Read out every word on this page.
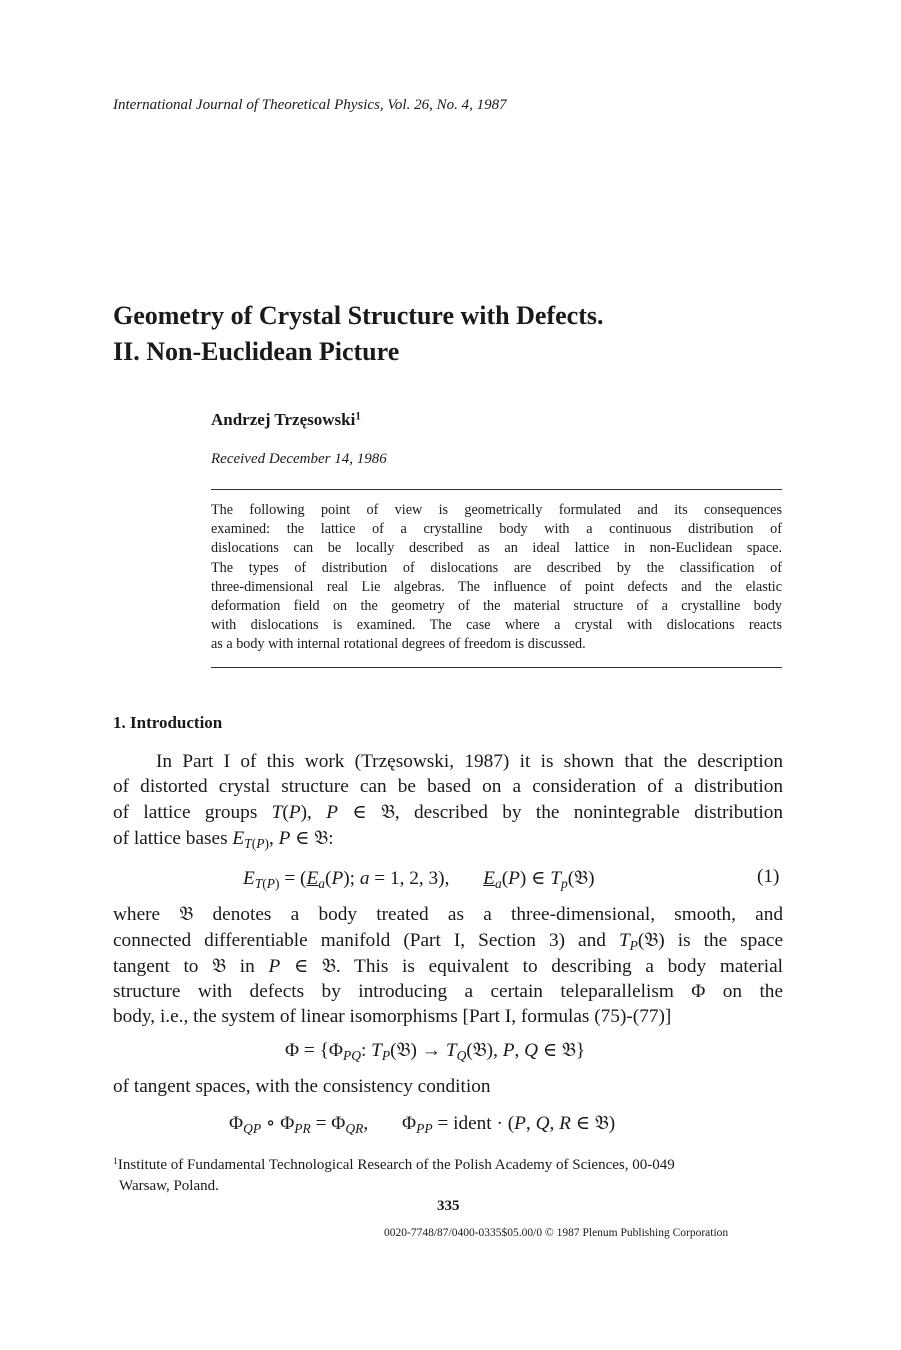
International Journal of Theoretical Physics, Vol. 26, No. 4, 1987
Geometry of Crystal Structure with Defects.
II. Non-Euclidean Picture
Andrzej Trzęsowski$^1$
Received December 14, 1986
The following point of view is geometrically formulated and its consequences
examined: the lattice of a crystalline body with a continuous distribution of
dislocations can be locally described as an ideal lattice in non-Euclidean space.
The types of distribution of dislocations are described by the classification of
three-dimensional real Lie algebras. The influence of point defects and the elastic
deformation field on the geometry of the material structure of a crystalline body
with dislocations is examined. The case where a crystal with dislocations reacts
as a body with internal rotational degrees of freedom is discussed.
1. Introduction
In Part I of this work (Trzęsowski, 1987) it is shown that the description
of distorted crystal structure can be based on a consideration of a distribution
of lattice groups T(P), P ∈ 𝔅, described by the nonintegrable distribution
of lattice bases $E_{T(P)}$, P ∈ 𝔅:
$E_{T(P)} = (E_a(P)$; a = 1, 2, 3),       $E_a(P)$ ∈ $T_p(𝔅)$	(1)
where 𝔅 denotes a body treated as a three-dimensional, smooth, and
connected differentiable manifold (Part I, Section 3) and $T_P(𝔅)$ is the space
tangent to 𝔅 in P ∈ 𝔅. This is equivalent to describing a body material
structure with defects by introducing a certain teleparallelism Φ on the
body, i.e., the system of linear isomorphisms [Part I, formulas (75)-(77)]
$\Phi = \{\Phi_{PQ}$: $T_P(𝔅)$ → $T_Q(𝔅)$, P, Q ∈ 𝔅}
of tangent spaces, with the consistency condition
$\Phi_{QP}$ ∘ $\Phi_{PR} = \Phi_{QR}$,       $\Phi_{PP}$ = ident · (P, Q, R ∈ 𝔅)
$^1$Institute of Fundamental Technological Research of the Polish Academy of Sciences, 00-049
Warsaw, Poland.
335
0020-7748/87/0400-0335$05.00/0 © 1987 Plenum Publishing Corporation
